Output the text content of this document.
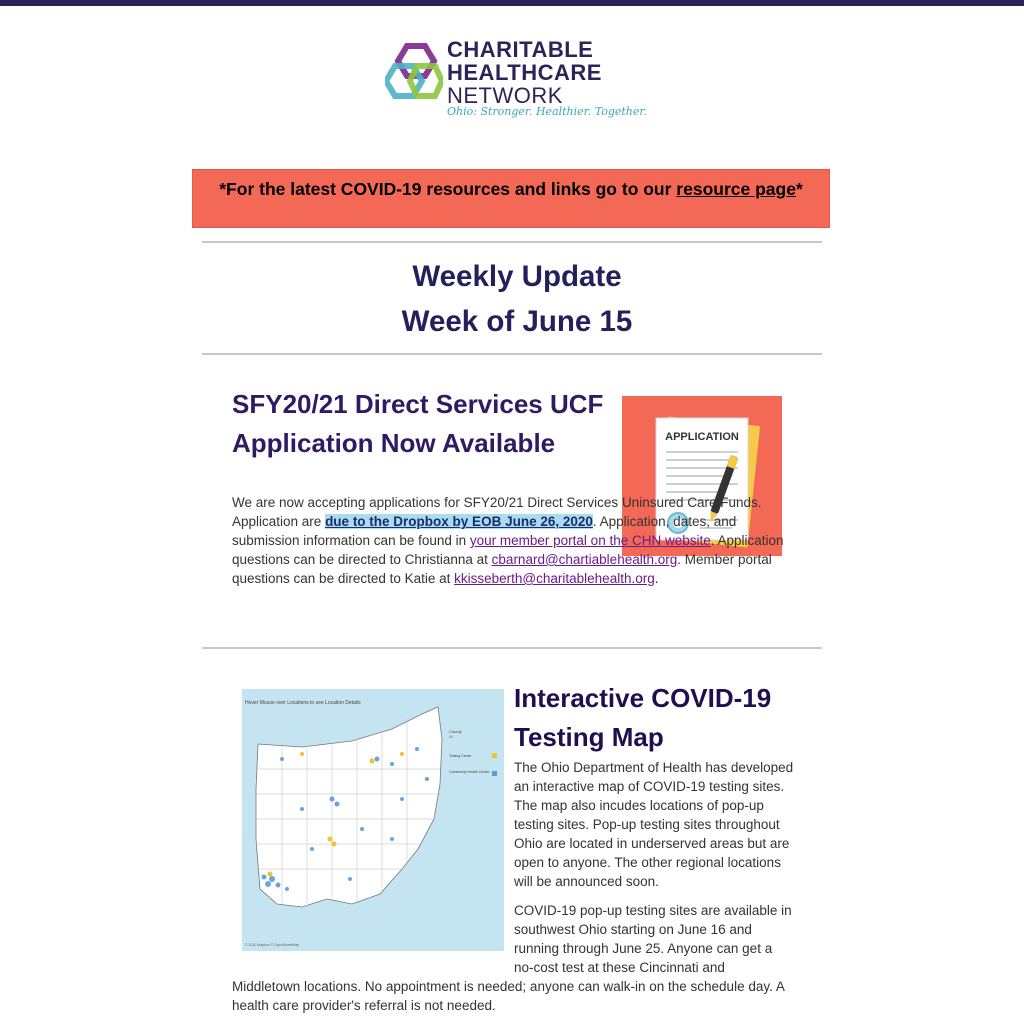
CHARITABLE
HEALTHCARE
NETWORK
Ohio: Stronger. Healthier. Together.
*For the latest COVID-19 resources and links go to our resource page*
Weekly Update
Week of June 15
SFY20/21 Direct Services UCF
Application Now Available	APPLICATION
We are now accepting applications for SFY20/21 Direct Services Uninsured Care Funds. Application are due to the Dropbox by EOB June 26, 2020. Application, dates, and submission information can be found in your member portal on the CHN website. Application questions can be directed to Christianna at cbarnard@chartiablehealth.org. Member portal questions can be directed to Katie at kkisseberth@charitablehealth.org.
Hover Mouse over Locations to see Location Details
County
All
Testing Center
Community Health Center
© 2020 Mapbox © OpenStreetMap
Interactive COVID-19
Testing Map
The Ohio Department of Health has developed an interactive map of COVID-19 testing sites. The map also incudes locations of pop-up testing sites. Pop-up testing sites throughout Ohio are located in underserved areas but are open to anyone. The other regional locations will be announced soon.
COVID-19 pop-up testing sites are available in southwest Ohio starting on June 16 and running through June 25. Anyone can get a no-cost test at these Cincinnati and Middletown locations. No appointment is needed; anyone can walk-in on the schedule day. A health care provider's referral is not needed.
